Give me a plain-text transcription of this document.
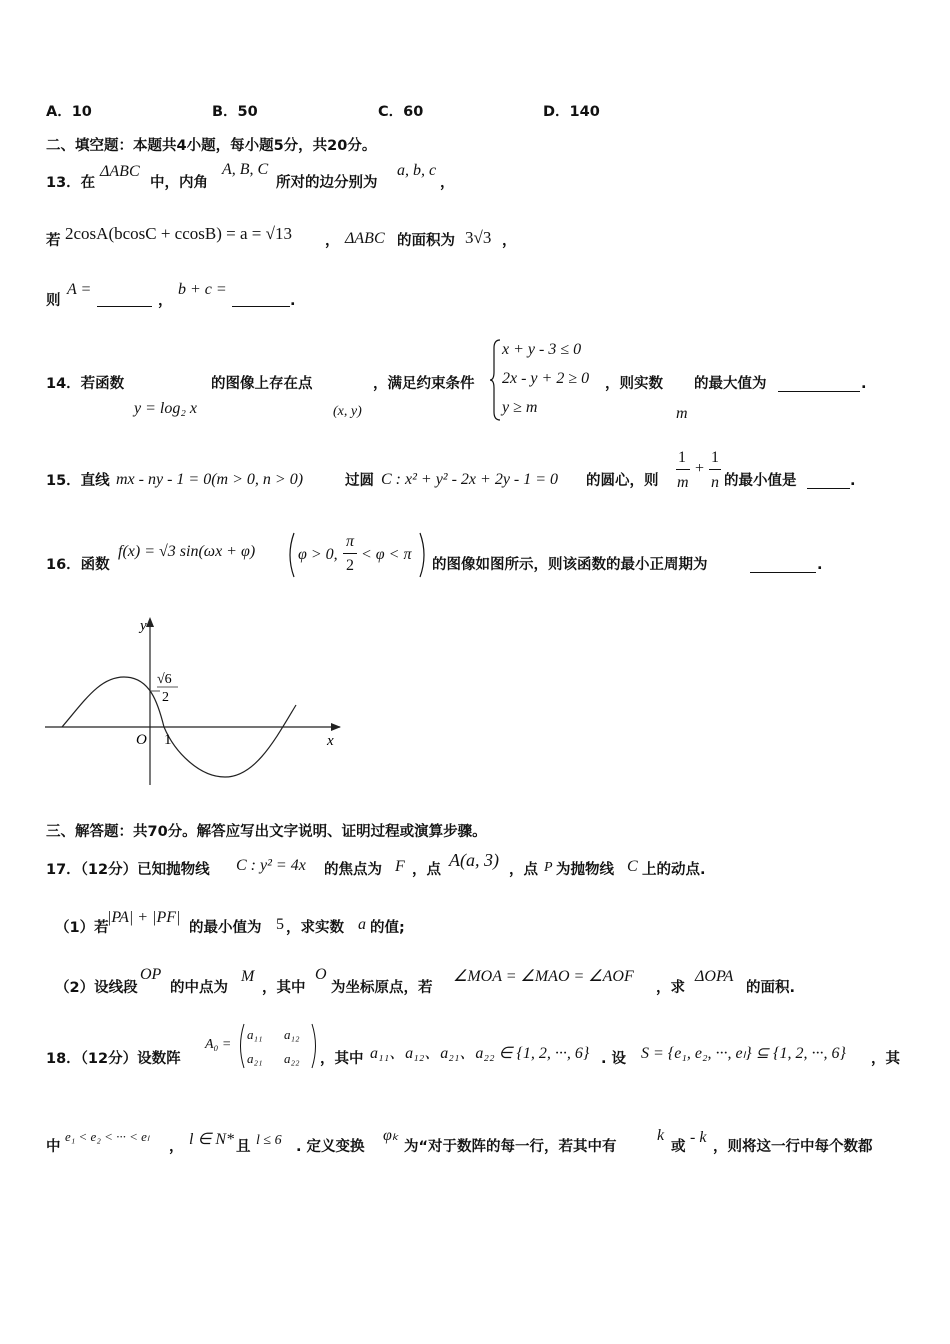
A．10	B．50	C．60	D．140
二、填空题：本题共4小题，每小题5分，共20分。
13．在
ΔABC
中，内角
A, B, C
所对的边分别为
a, b, c
，
若 2cosA(bcosC + ccosB) = a = √13 ， ΔABC 的面积为 3√3 ，
则
A =
，
b + c =
.
14．若函数
y = log₂ x
的图像上存在点
(x, y)
，满足约束条件
x + y - 3 ≤ 0
2x - y + 2 ≥ 0
y ≥ m
，则实数
m
的最大值为	.
15．直线 mx - ny - 1 = 0(m > 0, n > 0)	过圆 C : x² + y² - 2x + 2y - 1 = 0 的圆心，则
1
m
+
1
n 的最小值是	.
16．函数
f(x) = √3 sin(ωx + φ)	φ > 0,
π
2
< φ < π
的图像如图所示，则该函数的最小正周期为	.
y
x
O 1
√6
2
三、解答题：共70分。解答应写出文字说明、证明过程或演算步骤。
17．（12分）已知抛物线 C : y² = 4x 的焦点为 F ，点 A(a, 3) ，点 P 为抛物线 C 上的动点.
（1）若
|PA| + |PF|
的最小值为 5 ，求实数 a 的值;
（2）设线段
OP
的中点为
M
，其中
O
为坐标原点，若
∠MOA = ∠MAO = ∠AOF
，求
ΔOPA
的面积.
18．（12分）设数阵
A₀ =
a₁₁ a₁₂
a₂₁ a₂₂ ，其中 a₁₁、a₁₂、a₂₁、a₂₂ ∈ {1, 2, ···, 6} . 设 S = {e₁, e₂, ···, eₗ} ⊆ {1, 2, ···, 6} ，其
中
e₁ < e₂ < ··· < eₗ
， l ∈ N* 且 l ≤ 6 . 定义变换
φₖ
为“对于数阵的每一行，若其中有
k
或
- k
，则将这一行中每个数都
